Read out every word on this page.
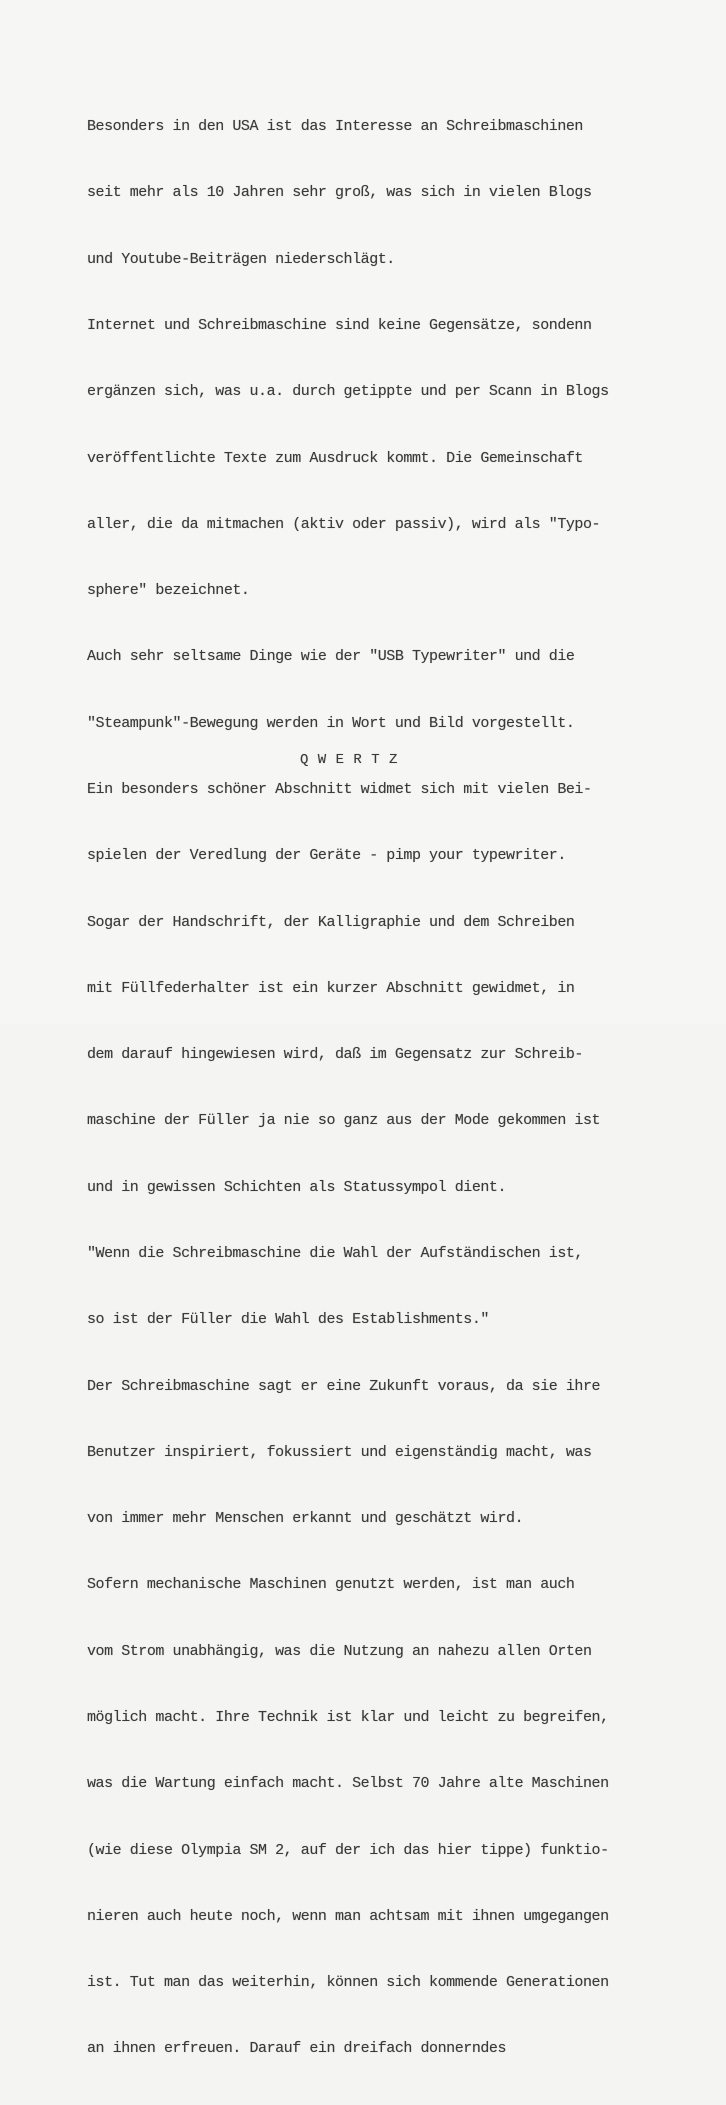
Besonders in den USA ist das Interesse an Schreibmaschinen

seit mehr als 10 Jahren sehr groß, was sich in vielen Blogs

und Youtube-Beiträgen niederschlägt.

Internet und Schreibmaschine sind keine Gegensätze, sondenn

ergänzen sich, was u.a. durch getippte und per Scann in Blogs

veröffentlichte Texte zum Ausdruck kommt. Die Gemeinschaft

aller, die da mitmachen (aktiv oder passiv), wird als "Typo-

sphere" bezeichnet.

Auch sehr seltsame Dinge wie der "USB Typewriter" und die

"Steampunk"-Bewegung werden in Wort und Bild vorgestellt.

Ein besonders schöner Abschnitt widmet sich mit vielen Bei-

spielen der Veredlung der Geräte - pimp your typewriter.

Sogar der Handschrift, der Kalligraphie und dem Schreiben

mit Füllfederhalter ist ein kurzer Abschnitt gewidmet, in

dem darauf hingewiesen wird, daß im Gegensatz zur Schreib-

maschine der Füller ja nie so ganz aus der Mode gekommen ist

und in gewissen Schichten als Statussympol dient.

"Wenn die Schreibmaschine die Wahl der Aufständischen ist,

so ist der Füller die Wahl des Establishments."

Der Schreibmaschine sagt er eine Zukunft voraus, da sie ihre

Benutzer inspiriert, fokussiert und eigenständig macht, was

von immer mehr Menschen erkannt und geschätzt wird.

Sofern mechanische Maschinen genutzt werden, ist man auch

vom Strom unabhängig, was die Nutzung an nahezu allen Orten

möglich macht. Ihre Technik ist klar und leicht zu begreifen,

was die Wartung einfach macht. Selbst 70 Jahre alte Maschinen

(wie diese Olympia SM 2, auf der ich das hier tippe) funktio-

nieren auch heute noch, wenn man achtsam mit ihnen umgegangen

ist. Tut man das weiterhin, können sich kommende Generationen

an ihnen erfreuen. Darauf ein dreifach donnerndes

Q W E R T Z
